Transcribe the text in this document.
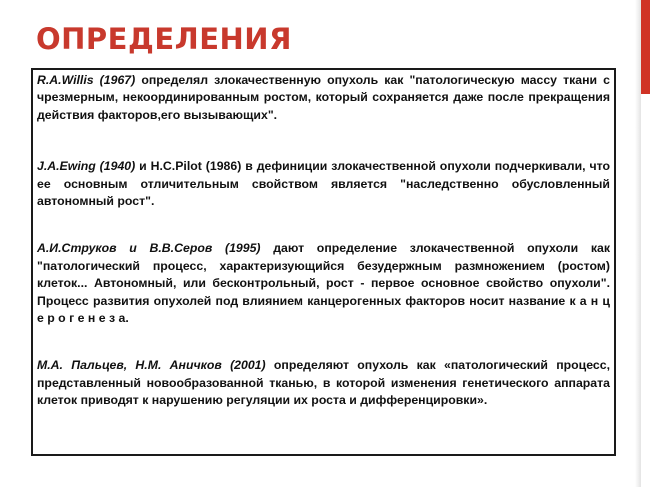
ОПРЕДЕЛЕНИЯ

R.A.Willis (1967) определял злокачественную опухоль как "патологическую массу ткани с чрезмерным, некоординированным ростом, который сохраняется даже после прекращения действия факторов,его вызывающих".

J.A.Ewing (1940) и H.C.Pilot (1986) в дефиниции злокачественной опухоли подчеркивали, что ее основным отличительным свойством является "наследственно обусловленный автономный рост".

А.И.Струков и В.В.Серов (1995) дают определение злокачественной опухоли как "патологический процесс, характеризующийся безудержным размножением (ростом) клеток... Автономный, или бесконтрольный, рост - первое основное свойство опухоли". Процесс развития опухолей под влиянием канцерогенных факторов носит название к а н ц е р о г е н е з а.

М.А. Пальцев, Н.М. Аничков (2001) определяют опухоль как «патологический процесс, представленный новообразованной тканью, в которой изменения генетического аппарата клеток приводят к нарушению регуляции их роста и дифференцировки».
